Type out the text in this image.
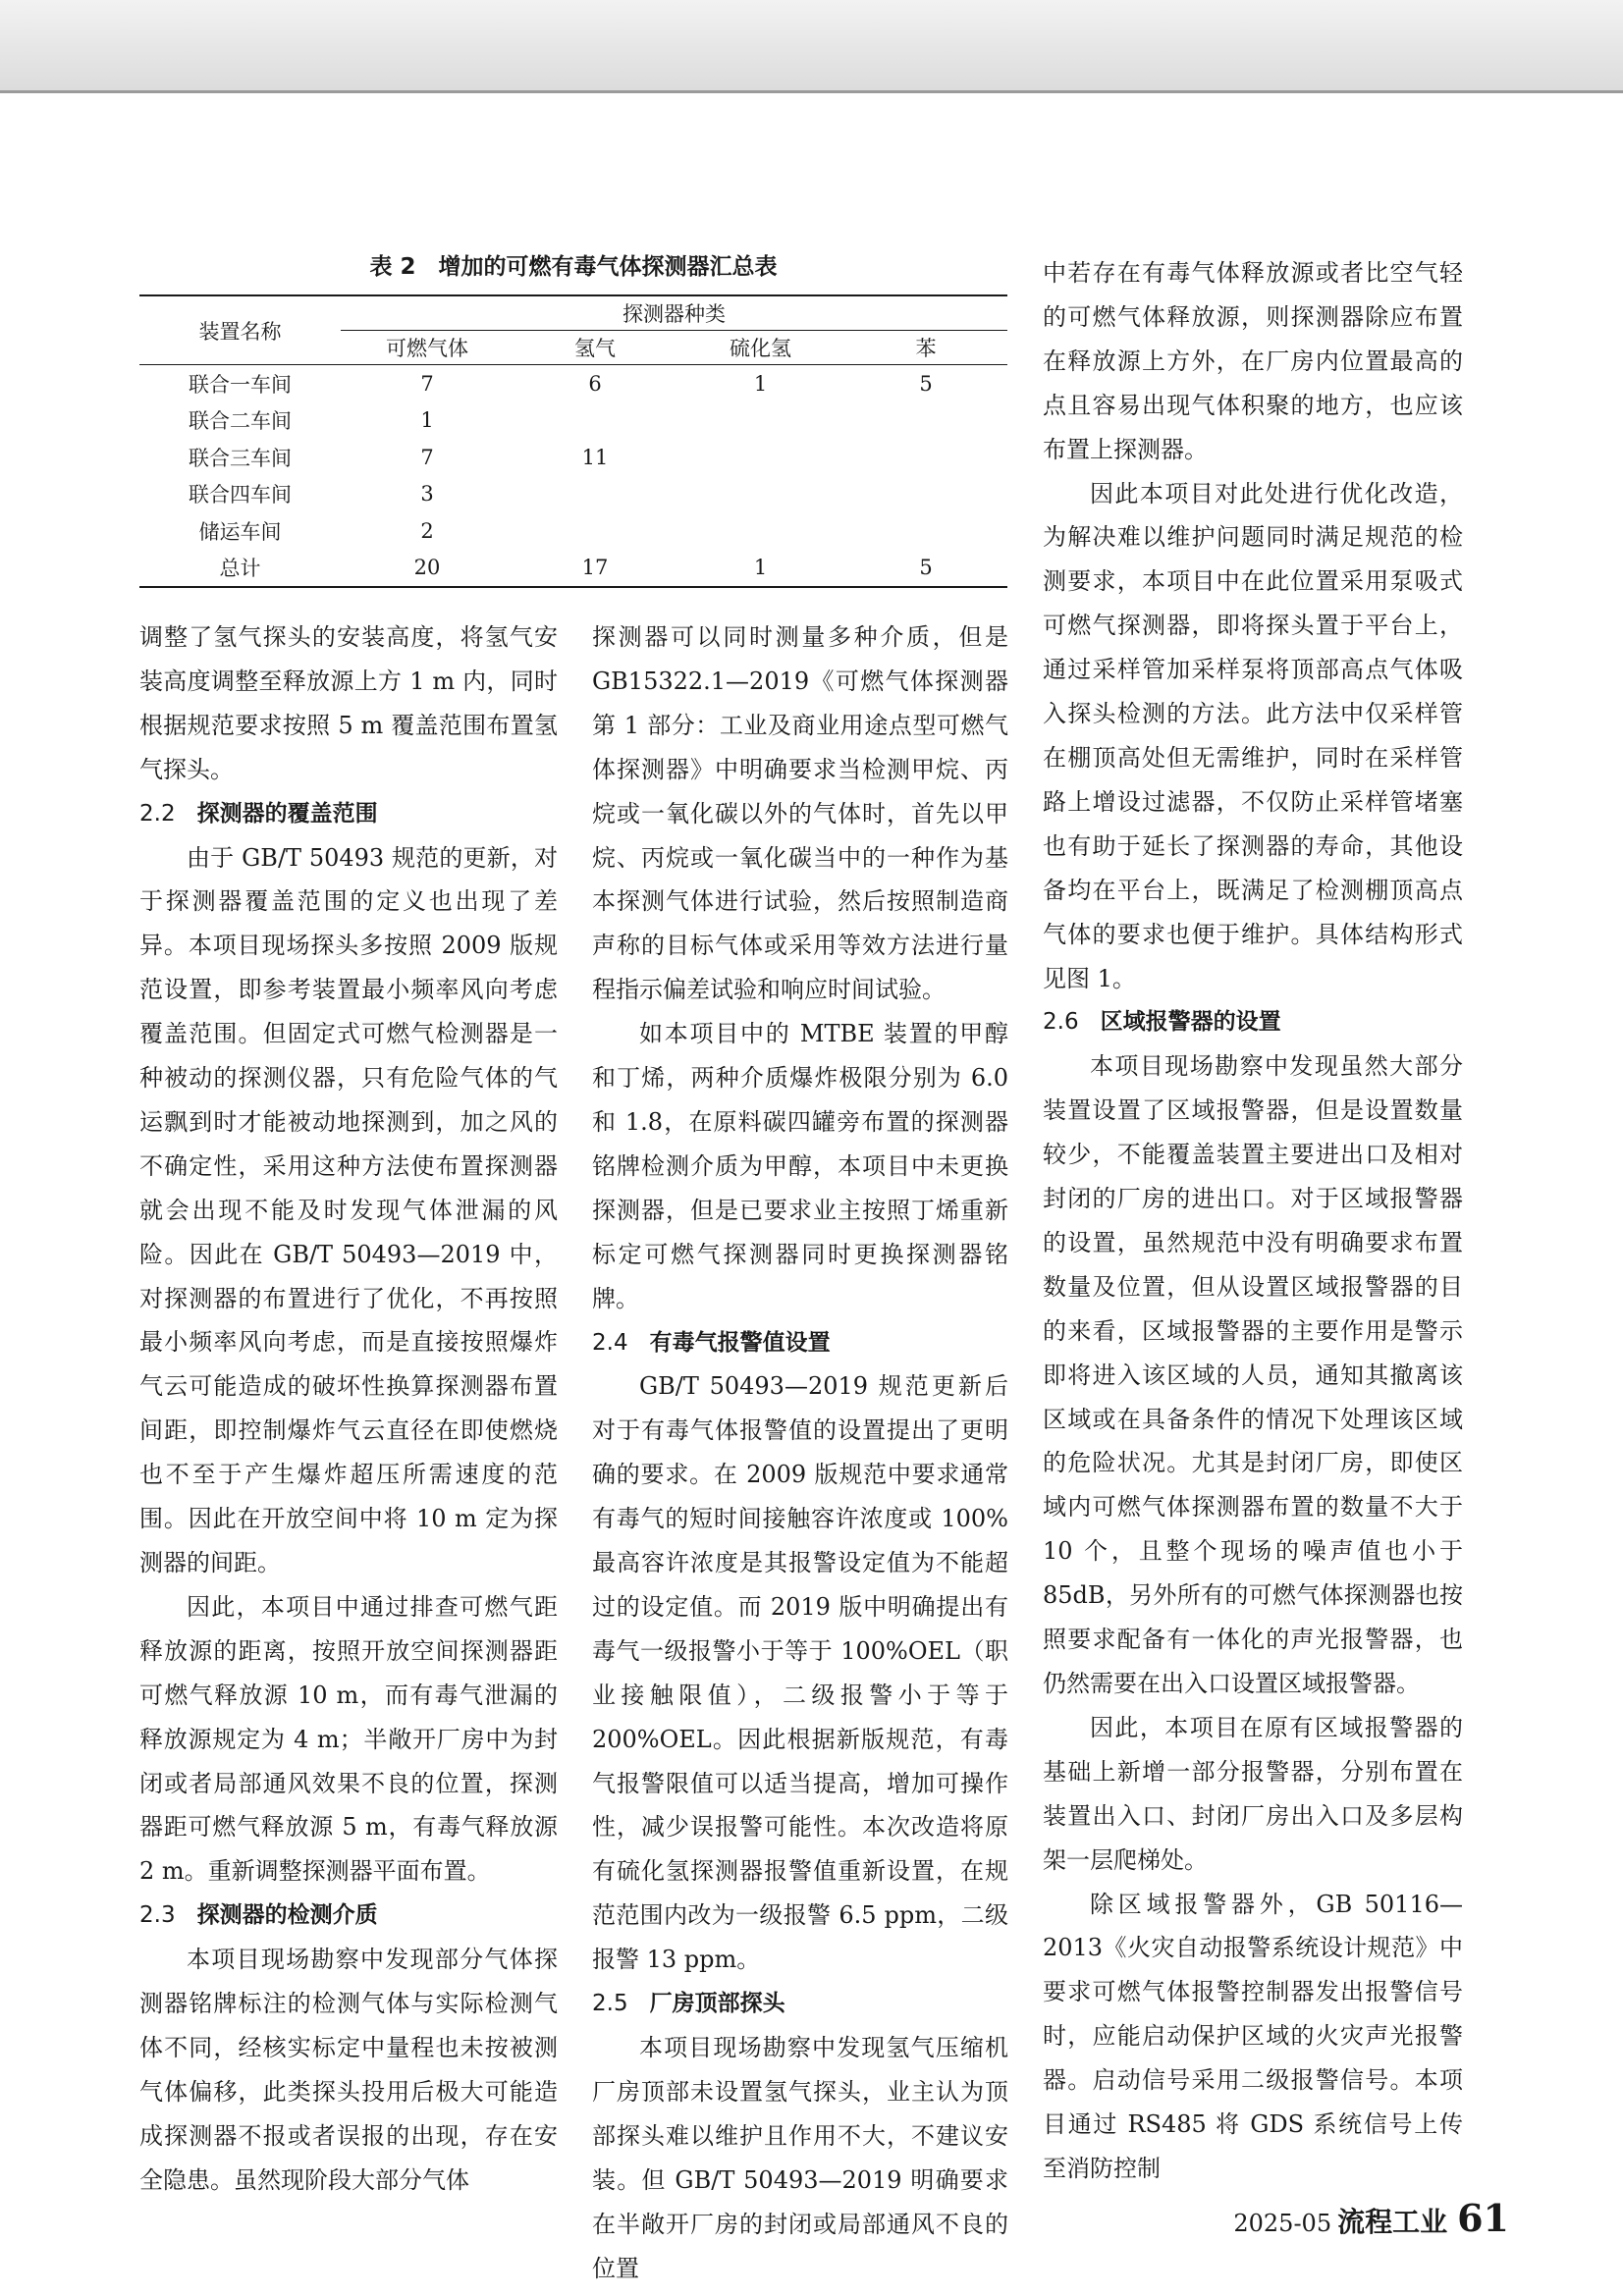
表 2　增加的可燃有毒气体探测器汇总表
装置名称	探测器种类			
	可燃气体	氢气	硫化氢	苯
联合一车间	7	6	1	5
联合二车间	1			
联合三车间	7	11		
联合四车间	3			
储运车间	2			
总计	20	17	1	5

调整了氢气探头的安装高度，将氢气安装高度调整至释放源上方 1 m 内，同时根据规范要求按照 5 m 覆盖范围布置氢气探头。

2.2 探测器的覆盖范围

由于 GB/T 50493 规范的更新，对于探测器覆盖范围的定义也出现了差异。本项目现场探头多按照 2009 版规范设置，即参考装置最小频率风向考虑覆盖范围。但固定式可燃气检测器是一种被动的探测仪器，只有危险气体的气运飘到时才能被动地探测到，加之风的不确定性，采用这种方法使布置探测器就会出现不能及时发现气体泄漏的风险。因此在 GB/T 50493—2019 中，对探测器的布置进行了优化，不再按照最小频率风向考虑，而是直接按照爆炸气云可能造成的破坏性换算探测器布置间距，即控制爆炸气云直径在即使燃烧也不至于产生爆炸超压所需速度的范围。因此在开放空间中将 10 m 定为探测器的间距。

因此，本项目中通过排查可燃气距释放源的距离，按照开放空间探测器距可燃气释放源 10 m，而有毒气泄漏的释放源规定为 4 m；半敞开厂房中为封闭或者局部通风效果不良的位置，探测器距可燃气释放源 5 m，有毒气释放源 2 m。重新调整探测器平面布置。

2.3 探测器的检测介质

本项目现场勘察中发现部分气体探测器铭牌标注的检测气体与实际检测气体不同，经核实标定中量程也未按被测气体偏移，此类探头投用后极大可能造成探测器不报或者误报的出现，存在安全隐患。虽然现阶段大部分气体

探测器可以同时测量多种介质，但是 GB15322.1—2019《可燃气体探测器 第 1 部分：工业及商业用途点型可燃气体探测器》中明确要求当检测甲烷、丙烷或一氧化碳以外的气体时，首先以甲烷、丙烷或一氧化碳当中的一种作为基本探测气体进行试验，然后按照制造商声称的目标气体或采用等效方法进行量程指示偏差试验和响应时间试验。

如本项目中的 MTBE 装置的甲醇和丁烯，两种介质爆炸极限分别为 6.0 和 1.8，在原料碳四罐旁布置的探测器铭牌检测介质为甲醇，本项目中未更换探测器，但是已要求业主按照丁烯重新标定可燃气探测器同时更换探测器铭牌。

2.4 有毒气报警值设置

GB/T 50493—2019 规范更新后对于有毒气体报警值的设置提出了更明确的要求。在 2009 版规范中要求通常有毒气的短时间接触容许浓度或 100% 最高容许浓度是其报警设定值为不能超过的设定值。而 2019 版中明确提出有毒气一级报警小于等于 100%OEL（职业接触限值），二级报警小于等于 200%OEL。因此根据新版规范，有毒气报警限值可以适当提高，增加可操作性，减少误报警可能性。本次改造将原有硫化氢探测器报警值重新设置，在规范范围内改为一级报警 6.5 ppm，二级报警 13 ppm。

2.5 厂房顶部探头

本项目现场勘察中发现氢气压缩机厂房顶部未设置氢气探头，业主认为顶部探头难以维护且作用不大，不建议安装。但 GB/T 50493—2019 明确要求在半敞开厂房的封闭或局部通风不良的位置

中若存在有毒气体释放源或者比空气轻的可燃气体释放源，则探测器除应布置在释放源上方外，在厂房内位置最高的点且容易出现气体积聚的地方，也应该布置上探测器。

因此本项目对此处进行优化改造，为解决难以维护问题同时满足规范的检测要求，本项目中在此位置采用泵吸式可燃气探测器，即将探头置于平台上，通过采样管加采样泵将顶部高点气体吸入探头检测的方法。此方法中仅采样管在棚顶高处但无需维护，同时在采样管路上增设过滤器，不仅防止采样管堵塞也有助于延长了探测器的寿命，其他设备均在平台上，既满足了检测棚顶高点气体的要求也便于维护。具体结构形式见图 1。

2.6 区域报警器的设置

本项目现场勘察中发现虽然大部分装置设置了区域报警器，但是设置数量较少，不能覆盖装置主要进出口及相对封闭的厂房的进出口。对于区域报警器的设置，虽然规范中没有明确要求布置数量及位置，但从设置区域报警器的目的来看，区域报警器的主要作用是警示即将进入该区域的人员，通知其撤离该区域或在具备条件的情况下处理该区域的危险状况。尤其是封闭厂房，即使区域内可燃气体探测器布置的数量不大于 10 个，且整个现场的噪声值也小于 85dB，另外所有的可燃气体探测器也按照要求配备有一体化的声光报警器，也仍然需要在出入口设置区域报警器。

因此，本项目在原有区域报警器的基础上新增一部分报警器，分别布置在装置出入口、封闭厂房出入口及多层构架一层爬梯处。

除区域报警器外，GB 50116—2013《火灾自动报警系统设计规范》中要求可燃气体报警控制器发出报警信号时，应能启动保护区域的火灾声光报警器。启动信号采用二级报警信号。本项目通过 RS485 将 GDS 系统信号上传至消防控制

2025-05 流程工业 61
